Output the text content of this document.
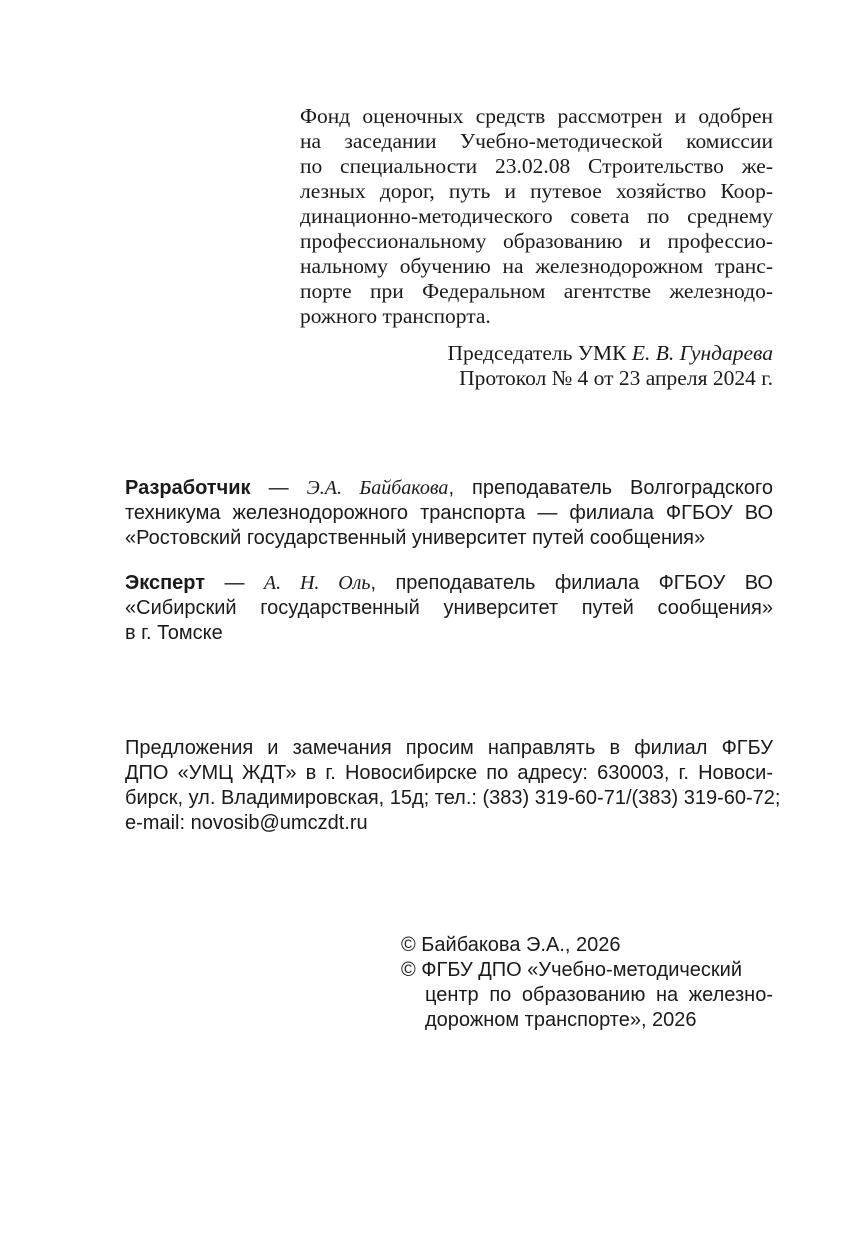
Фонд оценочных средств рассмотрен и одобрен
на заседании Учебно-методической комиссии
по специальности 23.02.08 Строительство же-
лезных дорог, путь и путевое хозяйство Коор-
динационно-методического совета по среднему
профессиональному образованию и профессио-
нальному обучению на железнодорожном транс-
порте при Федеральном агентстве железнодо-
рожного транспорта.
Председатель УМК Е. В. Гундарева
Протокол № 4 от 23 апреля 2024 г.
Разработчик — Э.А. Байбакова, преподаватель Волгоградского
техникума железнодорожного транспорта — филиала ФГБОУ ВО
«Ростовский государственный университет путей сообщения»
Эксперт — А. Н. Оль, преподаватель филиала ФГБОУ ВО
«Сибирский государственный университет путей сообщения»
в г. Томске
Предложения и замечания просим направлять в филиал ФГБУ
ДПО «УМЦ ЖДТ» в г. Новосибирске по адресу: 630003, г. Новоси-
бирск, ул. Владимировская, 15д; тел.: (383) 319-60-71/(383) 319-60-72;
e-mail: novosib@umczdt.ru
© Байбакова Э.А., 2026
© ФГБУ ДПО «Учебно-методический
центр по образованию на железно-
дорожном транспорте», 2026
